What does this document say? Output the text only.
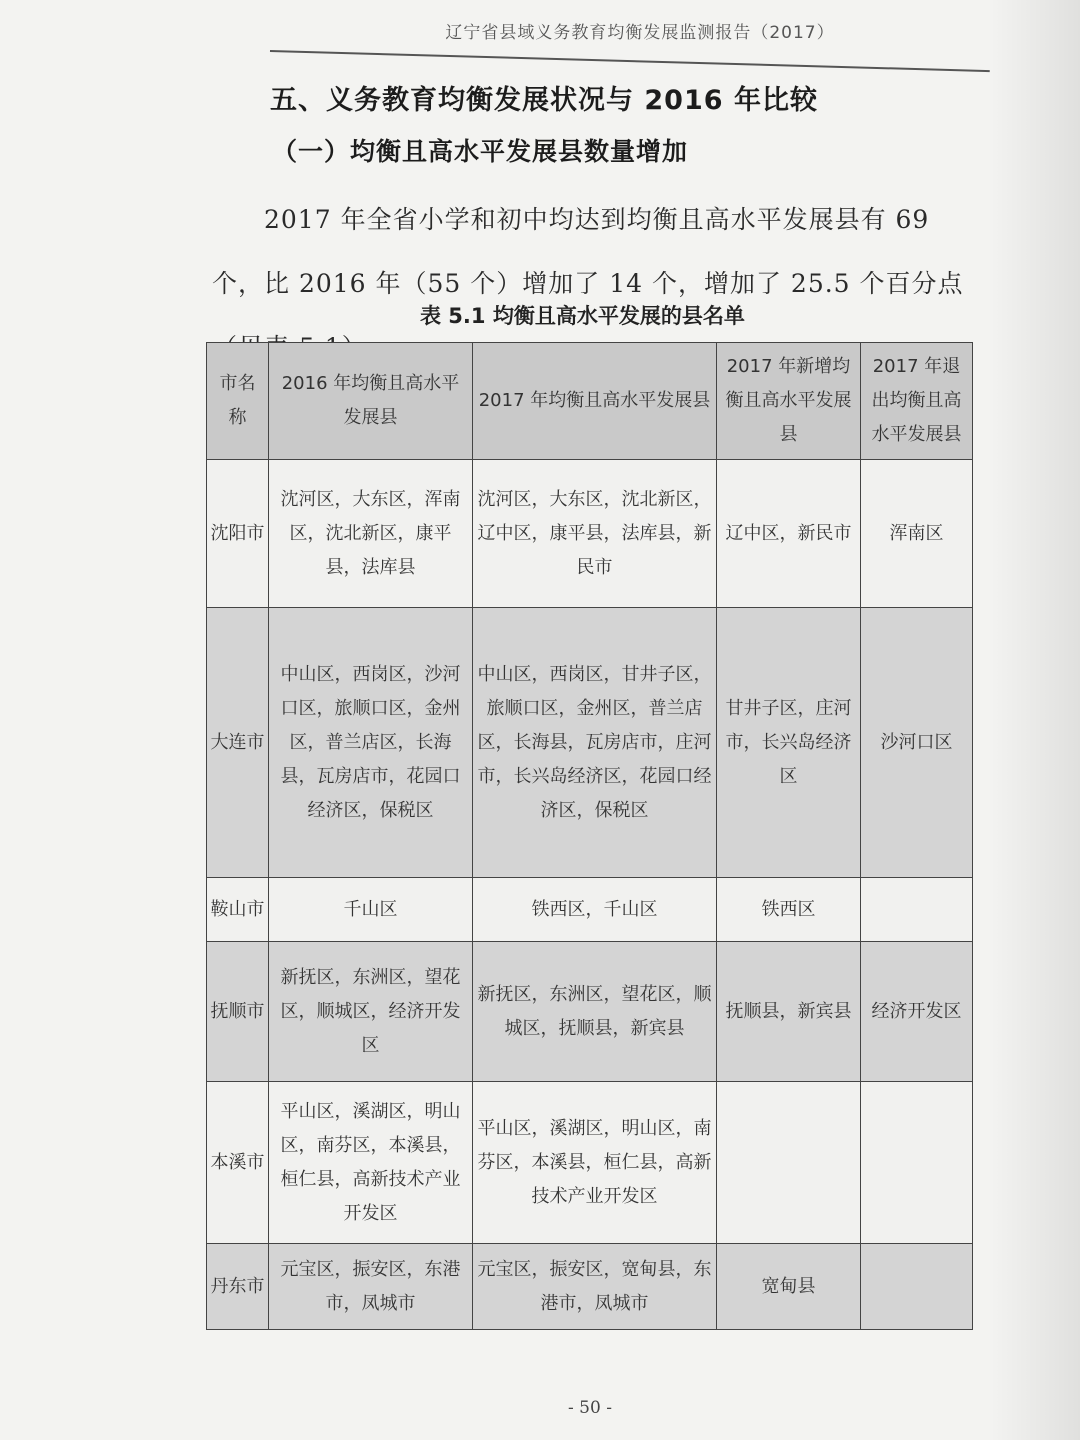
辽宁省县域义务教育均衡发展监测报告（2017）
五、义务教育均衡发展状况与 2016 年比较
（一）均衡且高水平发展县数量增加
2017 年全省小学和初中均达到均衡且高水平发展县有 69 个，比 2016 年（55 个）增加了 14 个，增加了 25.5 个百分点
表 5.1 均衡且高水平发展的县名单
市名称	2016 年均衡且高水平发展县	2017 年均衡且高水平发展县	2017 年新增均衡且高水平发展县	2017 年退出均衡且高水平发展县
沈阳市	沈河区，大东区，浑南区，沈北新区，康平县，法库县	沈河区，大东区，沈北新区，辽中区，康平县，法库县，新民市	辽中区，新民市	浑南区
大连市	中山区，西岗区，沙河口区，旅顺口区，金州区，普兰店区，长海县，瓦房店市，花园口经济区，保税区	中山区，西岗区，甘井子区，旅顺口区，金州区，普兰店区，长海县，瓦房店市，庄河市，长兴岛经济区，花园口经济区，保税区	甘井子区，庄河市，长兴岛经济区	沙河口区
鞍山市	千山区	铁西区，千山区	铁西区	
抚顺市	新抚区，东洲区，望花区，顺城区，经济开发区	新抚区，东洲区，望花区，顺城区，抚顺县，新宾县	抚顺县，新宾县	经济开发区
本溪市	平山区，溪湖区，明山区，南芬区，本溪县，桓仁县，高新技术产业开发区	平山区，溪湖区，明山区，南芬区，本溪县，桓仁县，高新技术产业开发区		
丹东市	元宝区，振安区，东港市，凤城市	元宝区，振安区，宽甸县，东港市，凤城市	宽甸县	
- 50 -
